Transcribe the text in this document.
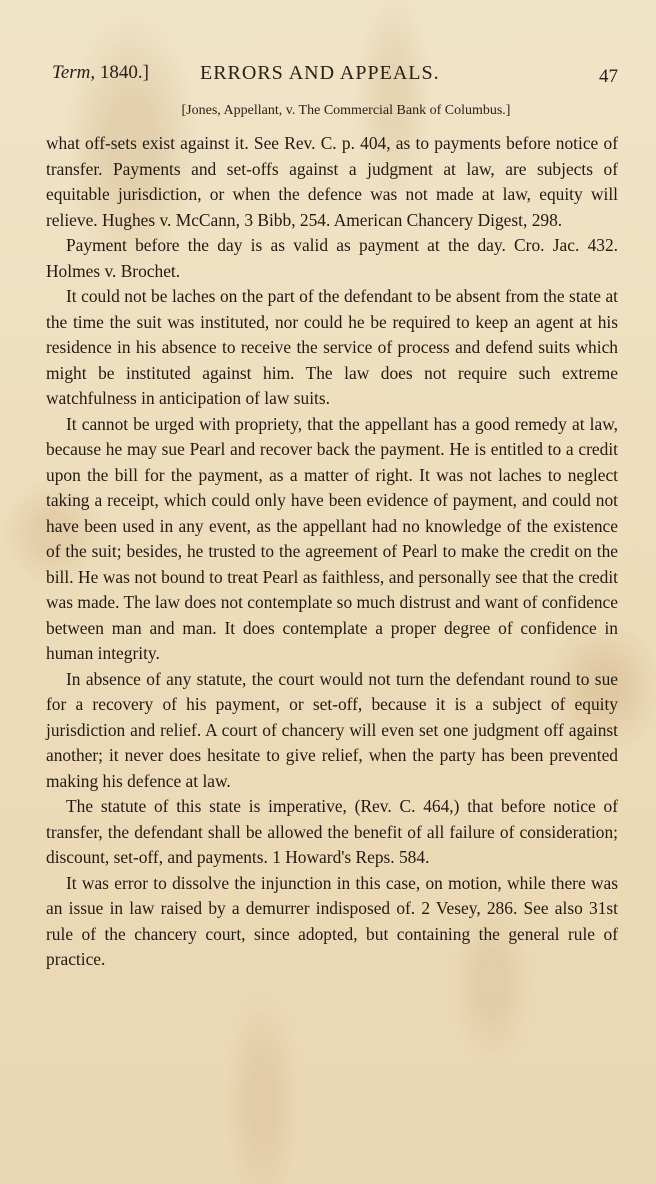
Term, 1840.]	ERRORS AND APPEALS.	47
[Jones, Appellant, v. The Commercial Bank of Columbus.]

what off-sets exist against it. See Rev. C. p. 404, as to payments before notice of transfer. Payments and set-offs against a judgment at law, are subjects of equitable jurisdiction, or when the defence was not made at law, equity will relieve. Hughes v. McCann, 3 Bibb, 254. American Chancery Digest, 298.

Payment before the day is as valid as payment at the day. Cro. Jac. 432. Holmes v. Brochet.

It could not be laches on the part of the defendant to be absent from the state at the time the suit was instituted, nor could he be required to keep an agent at his residence in his absence to receive the service of process and defend suits which might be instituted against him. The law does not require such extreme watchfulness in anticipation of law suits.

It cannot be urged with propriety, that the appellant has a good remedy at law, because he may sue Pearl and recover back the payment. He is entitled to a credit upon the bill for the payment, as a matter of right. It was not laches to neglect taking a receipt, which could only have been evidence of payment, and could not have been used in any event, as the appellant had no knowledge of the existence of the suit; besides, he trusted to the agreement of Pearl to make the credit on the bill. He was not bound to treat Pearl as faithless, and personally see that the credit was made. The law does not contemplate so much distrust and want of confidence between man and man. It does contemplate a proper degree of confidence in human integrity.

In absence of any statute, the court would not turn the defendant round to sue for a recovery of his payment, or set-off, because it is a subject of equity jurisdiction and relief. A court of chancery will even set one judgment off against another; it never does hesitate to give relief, when the party has been prevented making his defence at law.

The statute of this state is imperative, (Rev. C. 464,) that before notice of transfer, the defendant shall be allowed the benefit of all failure of consideration; discount, set-off, and payments. 1 Howard's Reps. 584.

It was error to dissolve the injunction in this case, on motion, while there was an issue in law raised by a demurrer indisposed of. 2 Vesey, 286. See also 31st rule of the chancery court, since adopted, but containing the general rule of practice.
